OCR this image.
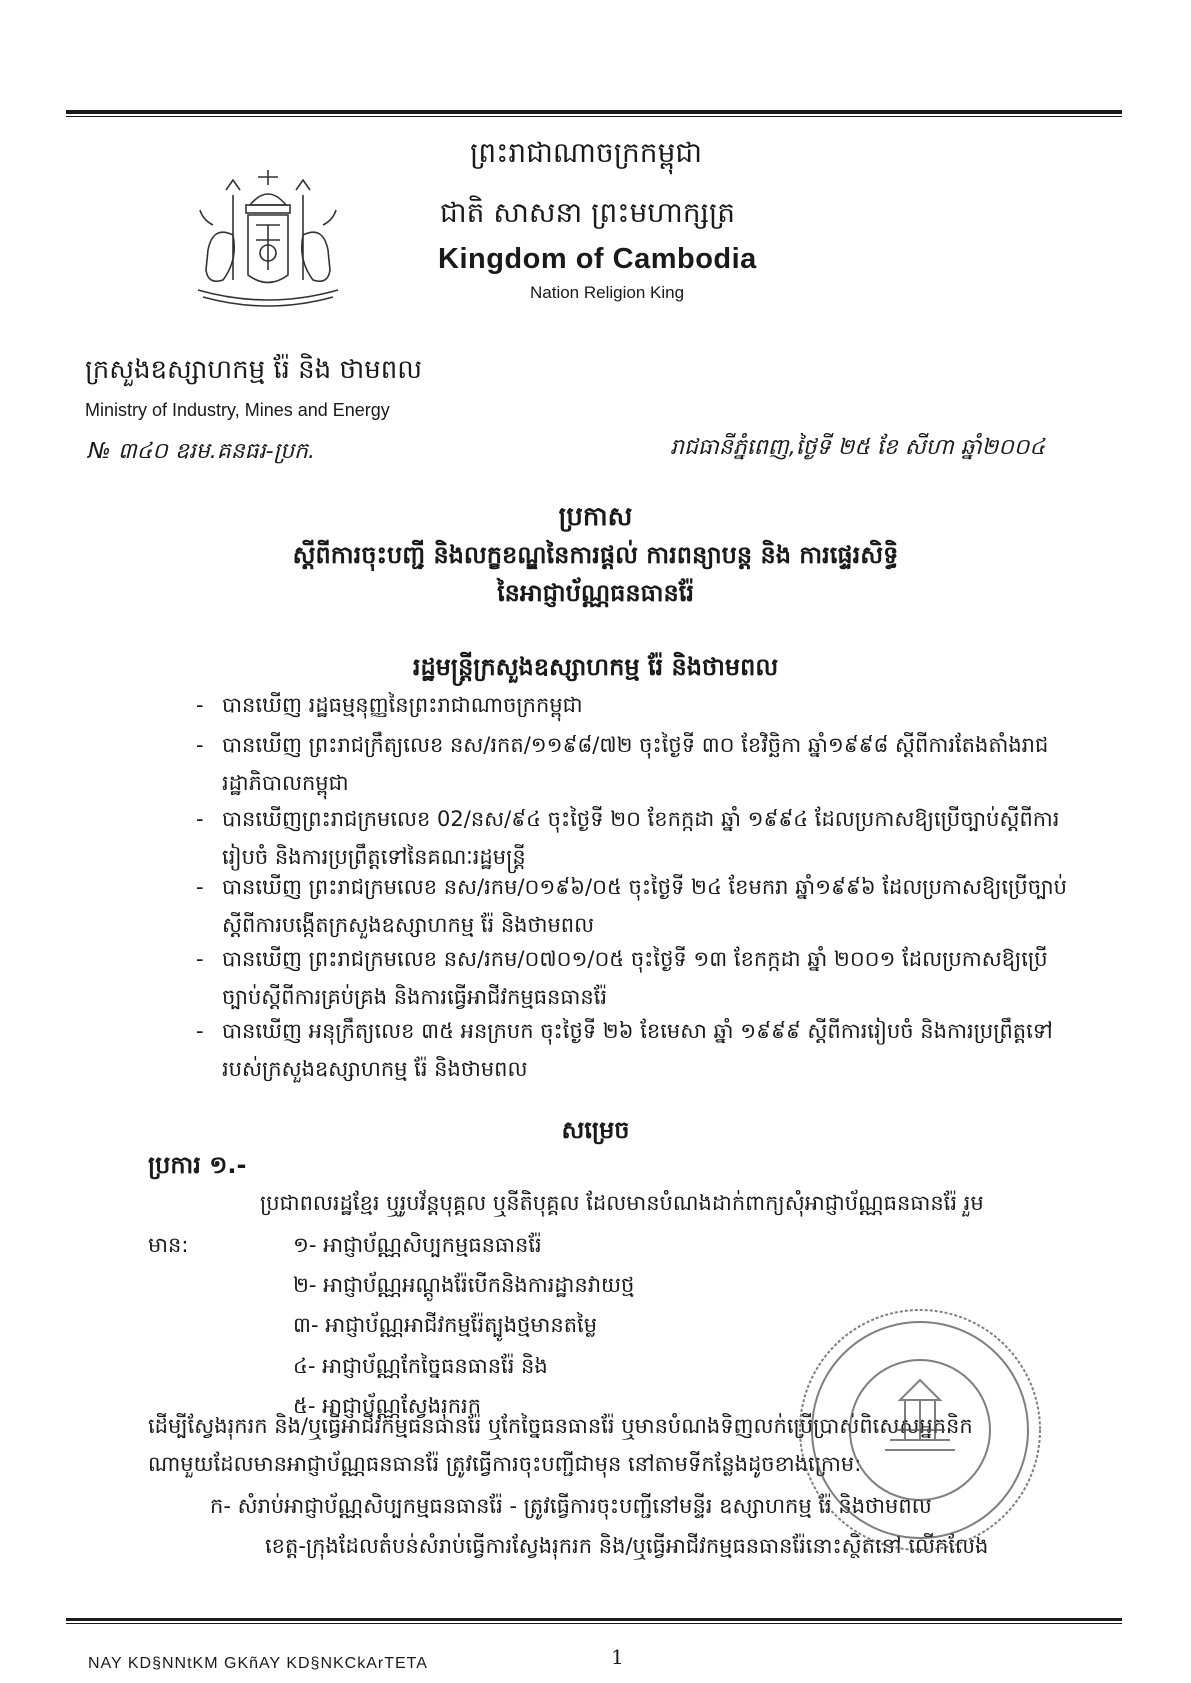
ព្រះរាជាណាចក្រកម្ពុជា
ជាតិ សាសនា ព្រះមហាក្សត្រ
Kingdom of Cambodia
Nation Religion King
ក្រសួងឧស្សាហកម្ម រ៉ែ និង ថាមពល
Ministry of Industry, Mines and Energy
№ ៣៤០ ឧរម.គនធរ-ប្រក.	រាជធានីភ្នំពេញ,ថ្ងៃទី ២៥ ខែ សីហា ឆ្នាំ២០០៤
ប្រកាស
ស្ដីពីការចុះបញ្ជី និងលក្ខខណ្ឌនៃការផ្ដល់ ការពន្យាបន្ត និង ការផ្ទេរសិទ្ធិ
នៃអាជ្ញាប័ណ្ណធនធានរ៉ែ
រដ្ឋមន្ត្រីក្រសួងឧស្សាហកម្ម រ៉ែ និងថាមពល
- បានឃើញ រដ្ឋធម្មនុញ្ញនៃព្រះរាជាណាចក្រកម្ពុជា
- បានឃើញ ព្រះរាជក្រឹត្យលេខ នស/រកត/១១៩៨/៧២ ចុះថ្ងៃទី ៣០ ខែវិច្ឆិកា ឆ្នាំ១៩៩៨ ស្ដីពីការតែងតាំងរាជរដ្ឋាភិបាលកម្ពុជា
- បានឃើញព្រះរាជក្រមលេខ 02/នស/៩៤ ចុះថ្ងៃទី ២០ ខែកក្កដា ឆ្នាំ ១៩៩៤ ដែលប្រកាសឱ្យប្រើច្បាប់ស្ដីពីការរៀបចំ និងការប្រព្រឹត្តទៅនៃគណៈរដ្ឋមន្ត្រី
- បានឃើញ ព្រះរាជក្រមលេខ នស/រកម/០១៩៦/០៥ ចុះថ្ងៃទី ២៤ ខែមករា ឆ្នាំ១៩៩៦ ដែលប្រកាសឱ្យប្រើច្បាប់ស្ដីពីការបង្កើតក្រសួងឧស្សាហកម្ម រ៉ែ និងថាមពល
- បានឃើញ ព្រះរាជក្រមលេខ នស/រកម/០៧០១/០៥ ចុះថ្ងៃទី ១៣ ខែកក្កដា ឆ្នាំ ២០០១ ដែលប្រកាសឱ្យប្រើច្បាប់ស្ដីពីការគ្រប់គ្រង និងការធ្វើអាជីវកម្មធនធានរ៉ែ
- បានឃើញ អនុក្រឹត្យលេខ ៣៥ អនក្របក ចុះថ្ងៃទី ២៦ ខែមេសា ឆ្នាំ ១៩៩៩ ស្ដីពីការរៀបចំ និងការប្រព្រឹត្តទៅរបស់ក្រសួងឧស្សាហកម្ម រ៉ែ និងថាមពល
សម្រេច
ប្រការ ១.-
ប្រជាពលរដ្ឋខ្មែរ ឬរូបវ័ន្តបុគ្គល ឬនីតិបុគ្គល ដែលមានបំណងដាក់ពាក្យសុំអាជ្ញាប័ណ្ណធនធានរ៉ែ រួម
មាន:	១- អាជ្ញាប័ណ្ណសិប្បកម្មធនធានរ៉ែ
២- អាជ្ញាប័ណ្ណអណ្ដូងរ៉ែបើកនិងការដ្ឋានវាយថ្ម
៣- អាជ្ញាប័ណ្ណអាជីវកម្មរ៉ែត្បូងថ្មមានតម្លៃ
៤- អាជ្ញាប័ណ្ណកែច្នៃធនធានរ៉ែ និង
៥- អាជ្ញាប័ណ្ណស្វែងរុករក
ដើម្បីស្វែងរុករក និង/ឬធ្វើអាជីវកម្មធនធានរ៉ែ ឬកែច្នៃធនធានរ៉ែ ឬមានបំណងទិញលក់ប្រើប្រាស់ពិសេសអ្នកនិក
ណាមួយដែលមានអាជ្ញាប័ណ្ណធនធានរ៉ែ ត្រូវធ្វើការចុះបញ្ជីជាមុន នៅតាមទីកន្លែងដូចខាងក្រោម:
ក- សំរាប់អាជ្ញាប័ណ្ណសិប្បកម្មធនធានរ៉ែ - ត្រូវធ្វើការចុះបញ្ជីនៅមន្ទីរ ឧស្សាហកម្ម រ៉ែ និងថាមពល
ខេត្ត-ក្រុងដែលតំបន់សំរាប់ធ្វើការស្វែងរុករក និង/ឬធ្វើអាជីវកម្មធនធានរ៉ែនោះស្ថិតនៅ លើកលែង
NAY KD§NNtKM GKñAY KD§NKCkArTETA	1
